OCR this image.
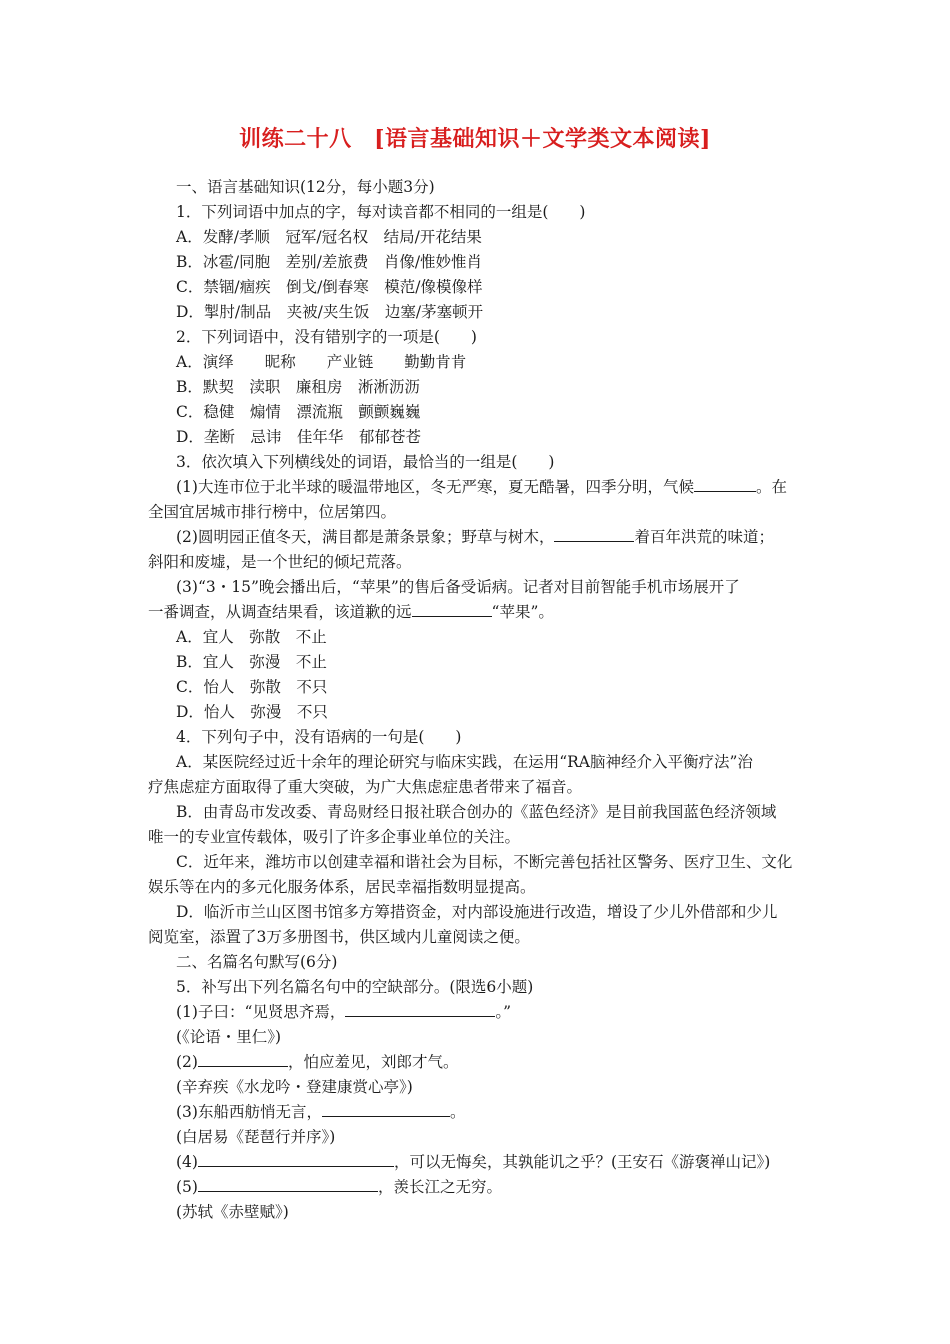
训练二十八　[语言基础知识＋文学类文本阅读]
一、语言基础知识(12分，每小题3分)
1．下列词语中加点的字，每对读音都不相同的一组是(　　)
A．发酵/孝顺　冠军/冠名权　结局/开花结果
B．冰雹/同胞　差别/差旅费　肖像/惟妙惟肖
C．禁锢/痼疾　倒戈/倒春寒　模范/像模像样
D．掣肘/制品　夹被/夹生饭　边塞/茅塞顿开
2．下列词语中，没有错别字的一项是(　　)
A．演绎　　昵称　　产业链　　勤勤肯肯
B．默契　渎职　廉租房　淅淅沥沥
C．稳健　煽情　漂流瓶　颤颤巍巍
D．垄断　忌讳　佳年华　郁郁苍苍
3．依次填入下列横线处的词语，最恰当的一组是(　　)
(1)大连市位于北半球的暖温带地区，冬无严寒，夏无酷暑，四季分明，气候	。在
全国宜居城市排行榜中，位居第四。
(2)圆明园正值冬天，满目都是萧条景象；野草与树木，	着百年洪荒的味道；
斜阳和废墟，是一个世纪的倾圮荒落。
(3)“3・15”晚会播出后，“苹果”的售后备受诟病。记者对目前智能手机市场展开了
一番调查，从调查结果看，该道歉的远	“苹果”。
A．宜人　弥散　不止
B．宜人　弥漫　不止
C．怡人　弥散　不只
D．怡人　弥漫　不只
4．下列句子中，没有语病的一句是(　　)
A．某医院经过近十余年的理论研究与临床实践，在运用“RA脑神经介入平衡疗法”治
疗焦虑症方面取得了重大突破，为广大焦虑症患者带来了福音。
B．由青岛市发改委、青岛财经日报社联合创办的《蓝色经济》是目前我国蓝色经济领域
唯一的专业宣传载体，吸引了许多企事业单位的关注。
C．近年来，潍坊市以创建幸福和谐社会为目标，不断完善包括社区警务、医疗卫生、文化
娱乐等在内的多元化服务体系，居民幸福指数明显提高。
D．临沂市兰山区图书馆多方筹措资金，对内部设施进行改造，增设了少儿外借部和少儿
阅览室，添置了3万多册图书，供区域内儿童阅读之便。
二、名篇名句默写(6分)
5．补写出下列名篇名句中的空缺部分。(限选6小题)
(1)子曰：“见贤思齐焉，	。”
(《论语・里仁》)
(2)	，怕应羞见，刘郎才气。
(辛弃疾《水龙吟・登建康赏心亭》)
(3)东船西舫悄无言，	。
(白居易《琵琶行并序》)
(4)	，可以无悔矣，其孰能讥之乎？(王安石《游褒禅山记》)
(5)	，羡长江之无穷。
(苏轼《赤壁赋》)
